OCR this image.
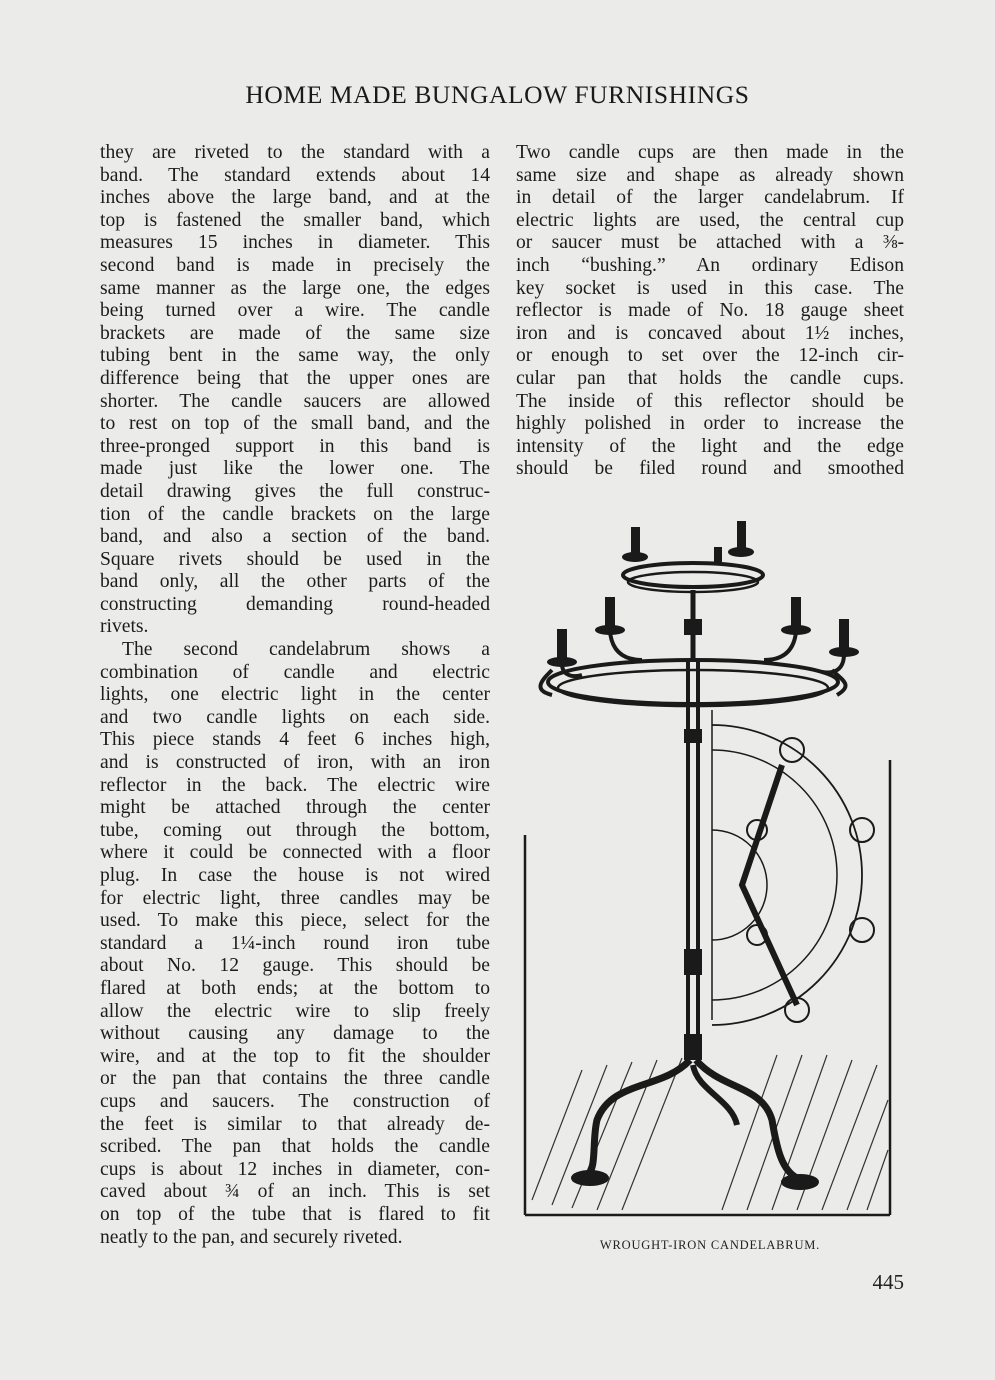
HOME MADE BUNGALOW FURNISHINGS
they are riveted to the standard with a
band. The standard extends about 14
inches above the large band, and at the
top is fastened the smaller band, which
measures 15 inches in diameter. This
second band is made in precisely the
same manner as the large one, the edges
being turned over a wire. The candle
brackets are made of the same size
tubing bent in the same way, the only
difference being that the upper ones are
shorter. The candle saucers are allowed
to rest on top of the small band, and the
three-pronged support in this band is
made just like the lower one. The
detail drawing gives the full construc-
tion of the candle brackets on the large
band, and also a section of the band.
Square rivets should be used in the
band only, all the other parts of the
constructing demanding round-headed
rivets.
The second candelabrum shows a
combination of candle and electric
lights, one electric light in the center
and two candle lights on each side.
This piece stands 4 feet 6 inches high,
and is constructed of iron, with an iron
reflector in the back. The electric wire
might be attached through the center
tube, coming out through the bottom,
where it could be connected with a floor
plug. In case the house is not wired
for electric light, three candles may be
used. To make this piece, select for the
standard a 1¼-inch round iron tube
about No. 12 gauge. This should be
flared at both ends; at the bottom to
allow the electric wire to slip freely
without causing any damage to the
wire, and at the top to fit the shoulder
or the pan that contains the three candle
cups and saucers. The construction of
the feet is similar to that already de-
scribed. The pan that holds the candle
cups is about 12 inches in diameter, con-
caved about ¾ of an inch. This is set
on top of the tube that is flared to fit
neatly to the pan, and securely riveted.
Two candle cups are then made in the
same size and shape as already shown
in detail of the larger candelabrum. If
electric lights are used, the central cup
or saucer must be attached with a ⅜-
inch “bushing.” An ordinary Edison
key socket is used in this case. The
reflector is made of No. 18 gauge sheet
iron and is concaved about 1½ inches,
or enough to set over the 12-inch cir-
cular pan that holds the candle cups.
The inside of this reflector should be
highly polished in order to increase the
intensity of the light and the edge
should be filed round and smoothed
WROUGHT-IRON CANDELABRUM.
445
